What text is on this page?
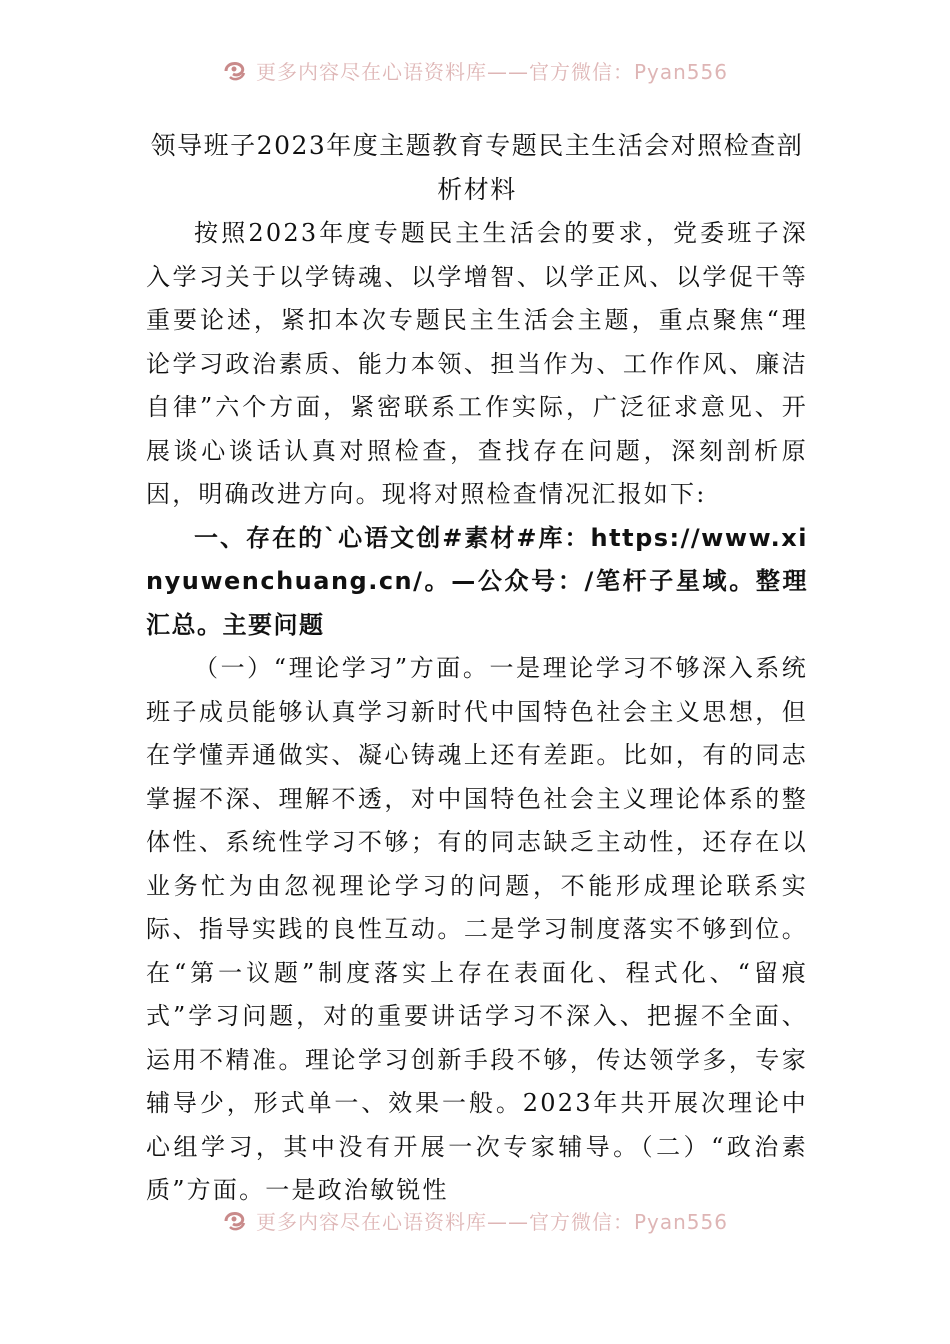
更多内容尽在心语资料库——官方微信：Pyan556
领导班子2023年度主题教育专题民主生活会对照检查剖析材料

按照2023年度专题民主生活会的要求，党委班子深入学习关于以学铸魂、以学增智、以学正风、以学促干等重要论述，紧扣本次专题民主生活会主题，重点聚焦“理论学习政治素质、能力本领、担当作为、工作作风、廉洁自律”六个方面，紧密联系工作实际，广泛征求意见、开展谈心谈话认真对照检查，查找存在问题，深刻剖析原因，明确改进方向。现将对照检查情况汇报如下:

一、存在的`心语文创#素材#库：https://www.xinyuwenchuang.cn/。—公众号：/笔杆子星域。整理汇总。主要问题

（一）“理论学习”方面。一是理论学习不够深入系统班子成员能够认真学习新时代中国特色社会主义思想，但在学懂弄通做实、凝心铸魂上还有差距。比如，有的同志掌握不深、理解不透，对中国特色社会主义理论体系的整体性、系统性学习不够；有的同志缺乏主动性，还存在以业务忙为由忽视理论学习的问题，不能形成理论联系实际、指导实践的良性互动。二是学习制度落实不够到位。在“第一议题”制度落实上存在表面化、程式化、“留痕式”学习问题，对的重要讲话学习不深入、把握不全面、运用不精准。理论学习创新手段不够，传达领学多，专家辅导少，形式单一、效果一般。2023年共开展次理论中心组学习，其中没有开展一次专家辅导。（二）“政治素质”方面。一是政治敏锐性

更多内容尽在心语资料库——官方微信：Pyan556
